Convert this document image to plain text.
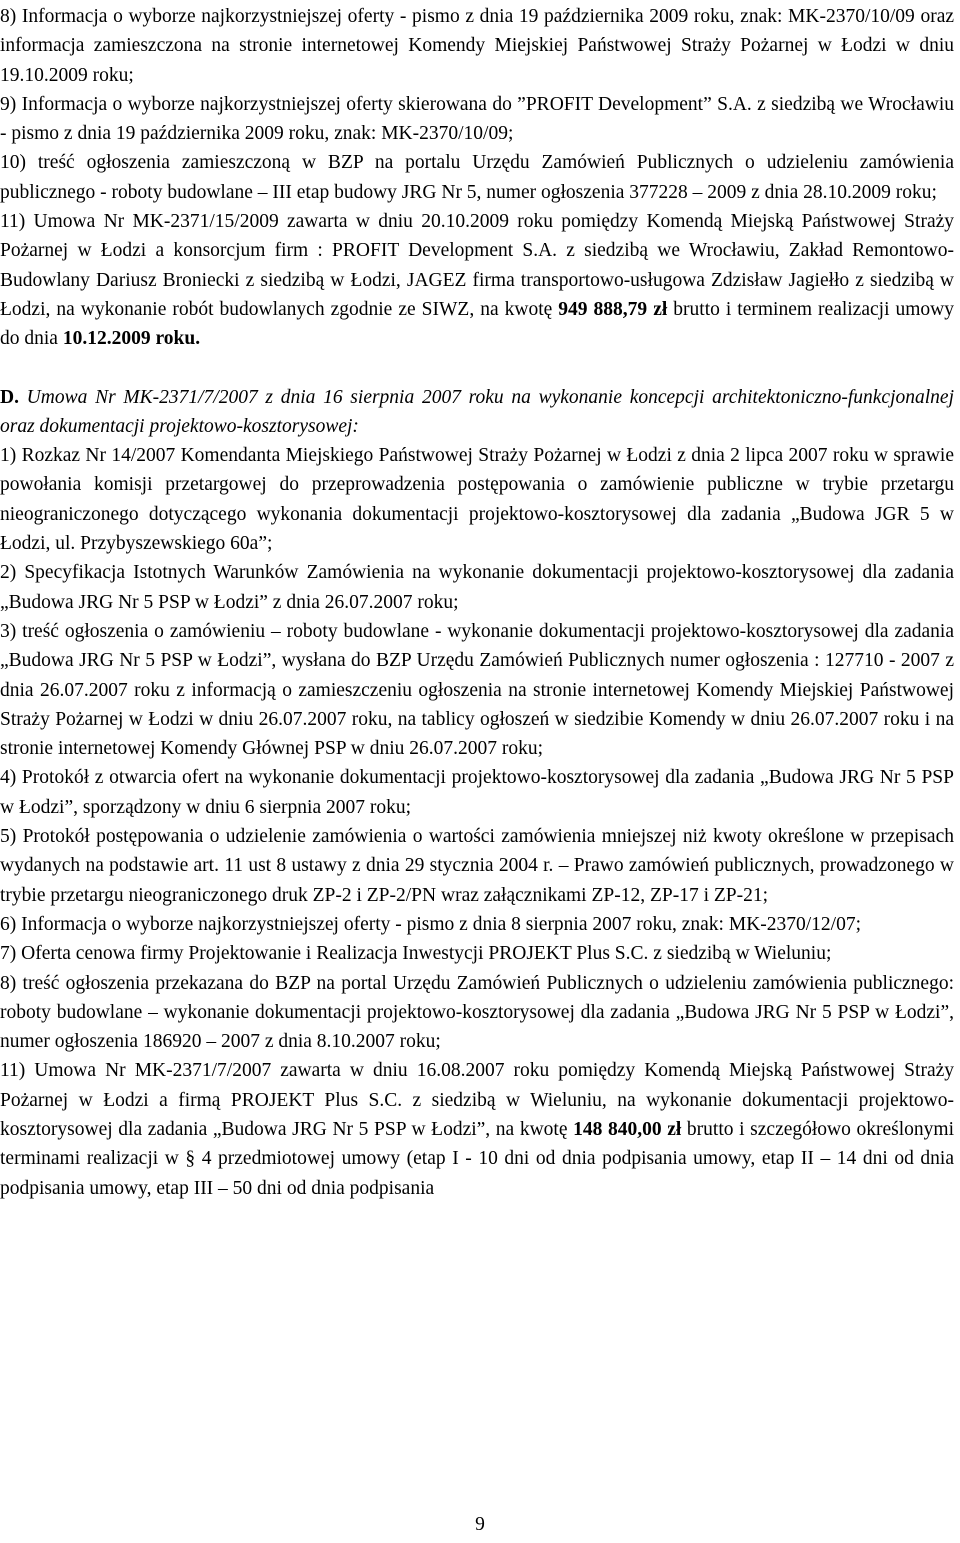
8) Informacja o wyborze najkorzystniejszej oferty - pismo z dnia 19 października 2009 roku, znak: MK-2370/10/09 oraz informacja zamieszczona na stronie internetowej Komendy Miejskiej Państwowej Straży Pożarnej w Łodzi w dniu 19.10.2009 roku;

9) Informacja o wyborze najkorzystniejszej oferty skierowana do ”PROFIT Development” S.A. z siedzibą we Wrocławiu - pismo z dnia 19 października 2009 roku, znak: MK-2370/10/09;

10) treść ogłoszenia zamieszczoną w BZP na portalu Urzędu Zamówień Publicznych o udzieleniu zamówienia publicznego - roboty budowlane – III etap budowy JRG Nr 5, numer ogłoszenia 377228 – 2009 z dnia 28.10.2009 roku;

11) Umowa Nr MK-2371/15/2009 zawarta w dniu 20.10.2009 roku pomiędzy Komendą Miejską Państwowej Straży Pożarnej w Łodzi a konsorcjum firm : PROFIT Development S.A. z siedzibą we Wrocławiu, Zakład Remontowo-Budowlany Dariusz Broniecki z siedzibą w Łodzi, JAGEZ firma transportowo-usługowa Zdzisław Jagiełło z siedzibą w Łodzi, na wykonanie robót budowlanych zgodnie ze SIWZ, na kwotę 949 888,79 zł brutto i terminem realizacji umowy do dnia 10.12.2009 roku.

D. Umowa Nr MK-2371/7/2007 z dnia 16 sierpnia 2007 roku na wykonanie koncepcji architektoniczno-funkcjonalnej oraz dokumentacji projektowo-kosztorysowej:

1) Rozkaz Nr 14/2007 Komendanta Miejskiego Państwowej Straży Pożarnej w Łodzi z dnia 2 lipca 2007 roku w sprawie powołania komisji przetargowej do przeprowadzenia postępowania o zamówienie publiczne w trybie przetargu nieograniczonego dotyczącego wykonania dokumentacji projektowo-kosztorysowej dla zadania „Budowa JGR 5 w Łodzi, ul. Przybyszewskiego 60a”;

2) Specyfikacja Istotnych Warunków Zamówienia na wykonanie dokumentacji projektowo-kosztorysowej dla zadania „Budowa JRG Nr 5 PSP w Łodzi” z dnia 26.07.2007 roku;

3) treść ogłoszenia o zamówieniu – roboty budowlane - wykonanie dokumentacji projektowo-kosztorysowej dla zadania „Budowa JRG Nr 5 PSP w Łodzi”, wysłana do BZP Urzędu Zamówień Publicznych numer ogłoszenia : 127710 - 2007 z dnia 26.07.2007 roku z informacją o zamieszczeniu ogłoszenia na stronie internetowej Komendy Miejskiej Państwowej Straży Pożarnej w Łodzi w dniu 26.07.2007 roku, na tablicy ogłoszeń w siedzibie Komendy w dniu 26.07.2007 roku i na stronie internetowej Komendy Głównej PSP w dniu 26.07.2007 roku;

4) Protokół z otwarcia ofert na wykonanie dokumentacji projektowo-kosztorysowej dla zadania „Budowa JRG Nr 5 PSP w Łodzi”, sporządzony w dniu 6 sierpnia 2007 roku;

5) Protokół postępowania o udzielenie zamówienia o wartości zamówienia mniejszej niż kwoty określone w przepisach wydanych na podstawie art. 11 ust 8 ustawy z dnia 29 stycznia 2004 r. – Prawo zamówień publicznych, prowadzonego w trybie przetargu nieograniczonego druk ZP-2 i ZP-2/PN wraz załącznikami ZP-12, ZP-17 i ZP-21;

6) Informacja o wyborze najkorzystniejszej oferty - pismo z dnia 8 sierpnia 2007 roku, znak: MK-2370/12/07;

7) Oferta cenowa firmy Projektowanie i Realizacja Inwestycji PROJEKT Plus S.C. z siedzibą w Wieluniu;

8) treść ogłoszenia przekazana do BZP na portal Urzędu Zamówień Publicznych o udzieleniu zamówienia publicznego: roboty budowlane – wykonanie dokumentacji projektowo-kosztorysowej dla zadania „Budowa JRG Nr 5 PSP w Łodzi”, numer ogłoszenia 186920 – 2007 z dnia 8.10.2007 roku;

11) Umowa Nr MK-2371/7/2007 zawarta w dniu 16.08.2007 roku pomiędzy Komendą Miejską Państwowej Straży Pożarnej w Łodzi a firmą PROJEKT Plus S.C. z siedzibą w Wieluniu, na wykonanie dokumentacji projektowo-kosztorysowej dla zadania „Budowa JRG Nr 5 PSP w Łodzi”, na kwotę 148 840,00 zł brutto i szczegółowo określonymi terminami realizacji w § 4 przedmiotowej umowy (etap I - 10 dni od dnia podpisania umowy, etap II – 14 dni od dnia podpisania umowy, etap III – 50 dni od dnia podpisania

9
